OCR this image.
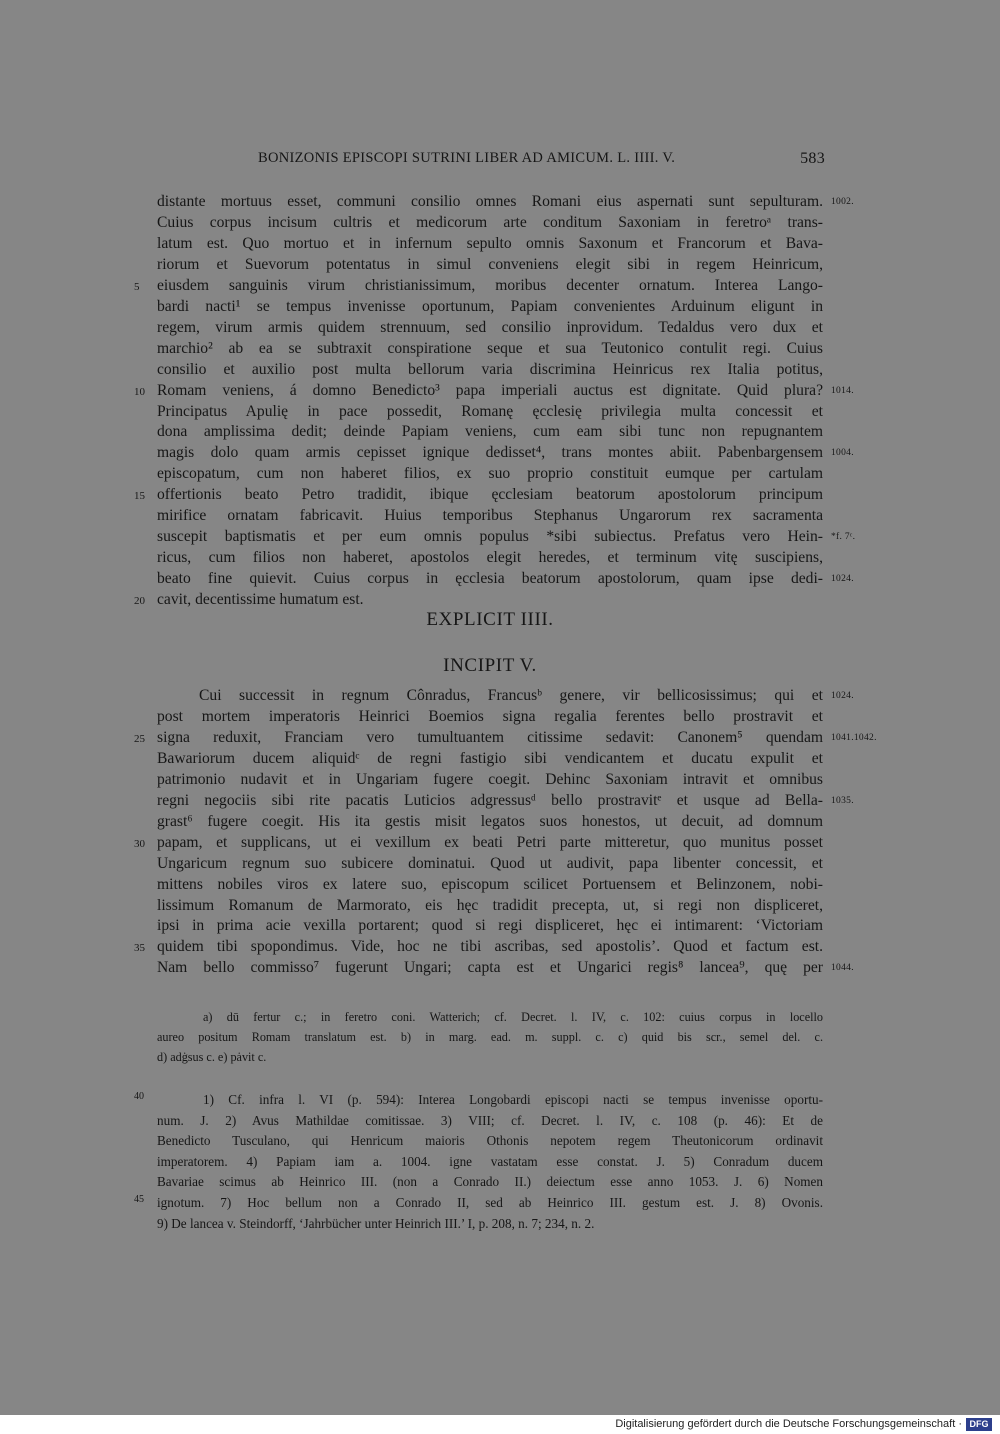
BONIZONIS EPISCOPI SUTRINI LIBER AD AMICUM. L. IIII. V.	583
distante mortuus esset, communi consilio omnes Romani eius aspernati sunt sepulturam. 1002.
Cuius corpus incisum cultris et medicorum arte conditum Saxoniam in feretroᵃ trans-
latum est. Quo mortuo et in infernum sepulto omnis Saxonum et Francorum et Bava-
riorum et Suevorum potentatus in simul conveniens elegit sibi in regem Heinricum,
eiusdem sanguinis virum christianissimum, moribus decenter ornatum. Interea Lango-
5
bardi nacti¹ se tempus invenisse oportunum, Papiam convenientes Arduinum eligunt in
regem, virum armis quidem strennuum, sed consilio inprovidum. Tedaldus vero dux et
marchio² ab ea se subtraxit conspiratione seque et sua Teutonico contulit regi. Cuius
consilio et auxilio post multa bellorum varia discrimina Heinricus rex Italia potitus,
Romam veniens, á domno Benedicto³ papa imperiali auctus est dignitate. Quid plura?
10	1014.
Principatus Apulię in pace possedit, Romanę ęcclesię privilegia multa concessit et
dona amplissima dedit; deinde Papiam veniens, cum eam sibi tunc non repugnantem
magis dolo quam armis cepisset ignique dedisset⁴, trans montes abiit. Pabenbargensem 1004.
episcopatum, cum non haberet filios, ex suo proprio constituit eumque per cartulam
offertionis beato Petro tradidit, ibique ęcclesiam beatorum apostolorum principum
15
mirifice ornatam fabricavit. Huius temporibus Stephanus Ungarorum rex sacramenta
suscepit baptismatis et per eum omnis populus *sibi subiectus. Prefatus vero Hein- *f. 7ᶜ.
ricus, cum filios non haberet, apostolos elegit heredes, et terminum vitę suscipiens,
beato fine quievit. Cuius corpus in ęcclesia beatorum apostolorum, quam ipse dedi- 1024.
cavit, decentissime humatum est.
20
EXPLICIT IIII.
INCIPIT V.
Cui successit in regnum Cônradus, Francusᵇ genere, vir bellicosissimus; qui et 1024.
post mortem imperatoris Heinrici Boemios signa regalia ferentes bello prostravit et
signa reduxit, Franciam vero tumultuantem citissime sedavit: Canonem⁵ quendam
25	1041.1042.
Bawariorum ducem aliquidᶜ de regni fastigio sibi vendicantem et ducatu expulit et
patrimonio nudavit et in Ungariam fugere coegit. Dehinc Saxoniam intravit et omnibus
regni negociis sibi rite pacatis Luticios adgressusᵈ bello prostravitᵉ et usque ad Bella- 1035.
grast⁶ fugere coegit. His ita gestis misit legatos suos honestos, ut decuit, ad domnum
papam, et supplicans, ut ei vexillum ex beati Petri parte mitteretur, quo munitus posset
30
Ungaricum regnum suo subicere dominatui. Quod ut audivit, papa libenter concessit, et
mittens nobiles viros ex latere suo, episcopum scilicet Portuensem et Belinzonem, nobi-
lissimum Romanum de Marmorato, eis hęc tradidit precepta, ut, si regi non displiceret,
ipsi in prima acie vexilla portarent; quod si regi displiceret, hęc ei intimarent: ‘Victoriam
quidem tibi spopondimus. Vide, hoc ne tibi ascribas, sed apostolis’. Quod et factum est.
35
Nam bello commisso⁷ fugerunt Ungari; capta est et Ungarici regis⁸ lancea⁹, quę per 1044.
a) dū fertur c.; in feretro coni. Watterich; cf. Decret. l. IV, c. 102: cuius corpus in locello
aureo positum Romam translatum est. b) in marg. ead. m. suppl. c. c) quid bis scr., semel del. c.
d) adġsus c. e) pȧvit c.
1) Cf. infra l. VI (p. 594): Interea Longobardi episcopi nacti se tempus invenisse oportu-
40
num. J. 2) Avus Mathildae comitissae. 3) VIII; cf. Decret. l. IV, c. 108 (p. 46): Et de
Benedicto Tusculano, qui Henricum maioris Othonis nepotem regem Theutonicorum ordinavit
imperatorem. 4) Papiam iam a. 1004. igne vastatam esse constat. J. 5) Conradum ducem
Bavariae scimus ab Heinrico III. (non a Conrado II.) deiectum esse anno 1053. J. 6) Nomen
ignotum. 7) Hoc bellum non a Conrado II, sed ab Heinrico III. gestum est. J. 8) Ovonis.
45
9) De lancea v. Steindorff, ‘Jahrbücher unter Heinrich III.’ I, p. 208, n. 7; 234, n. 2.
Digitalisierung gefördert durch die Deutsche Forschungsgemeinschaft · DFG
